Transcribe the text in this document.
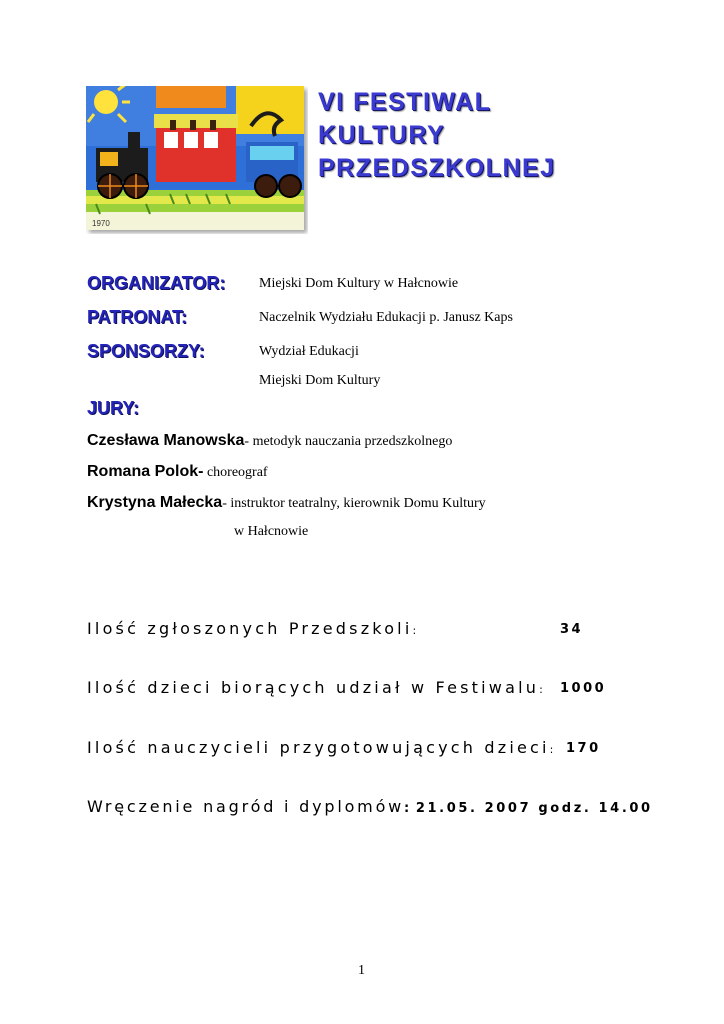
1970
VI FESTIWAL
KULTURY
PRZEDSZKOLNEJ
ORGANIZATOR: Miejski Dom Kultury w Hałcnowie
PATRONAT:	Naczelnik Wydziału Edukacji p. Janusz Kaps
SPONSORZY:	Wydział Edukacji
Miejski Dom Kultury
JURY:
Czesława Manowska- metodyk nauczania przedszkolnego
Romana Polok- choreograf
Krystyna Małecka- instruktor teatralny, kierownik Domu Kultury
w Hałcnowie
Ilość zgłoszonych Przedszkoli:	34
Ilość dzieci biorących udział w Festiwalu: 1000
Ilość nauczycieli przygotowujących dzieci: 170
Wręczenie nagród i dyplomów: 21.05. 2007 godz. 14.00
1
